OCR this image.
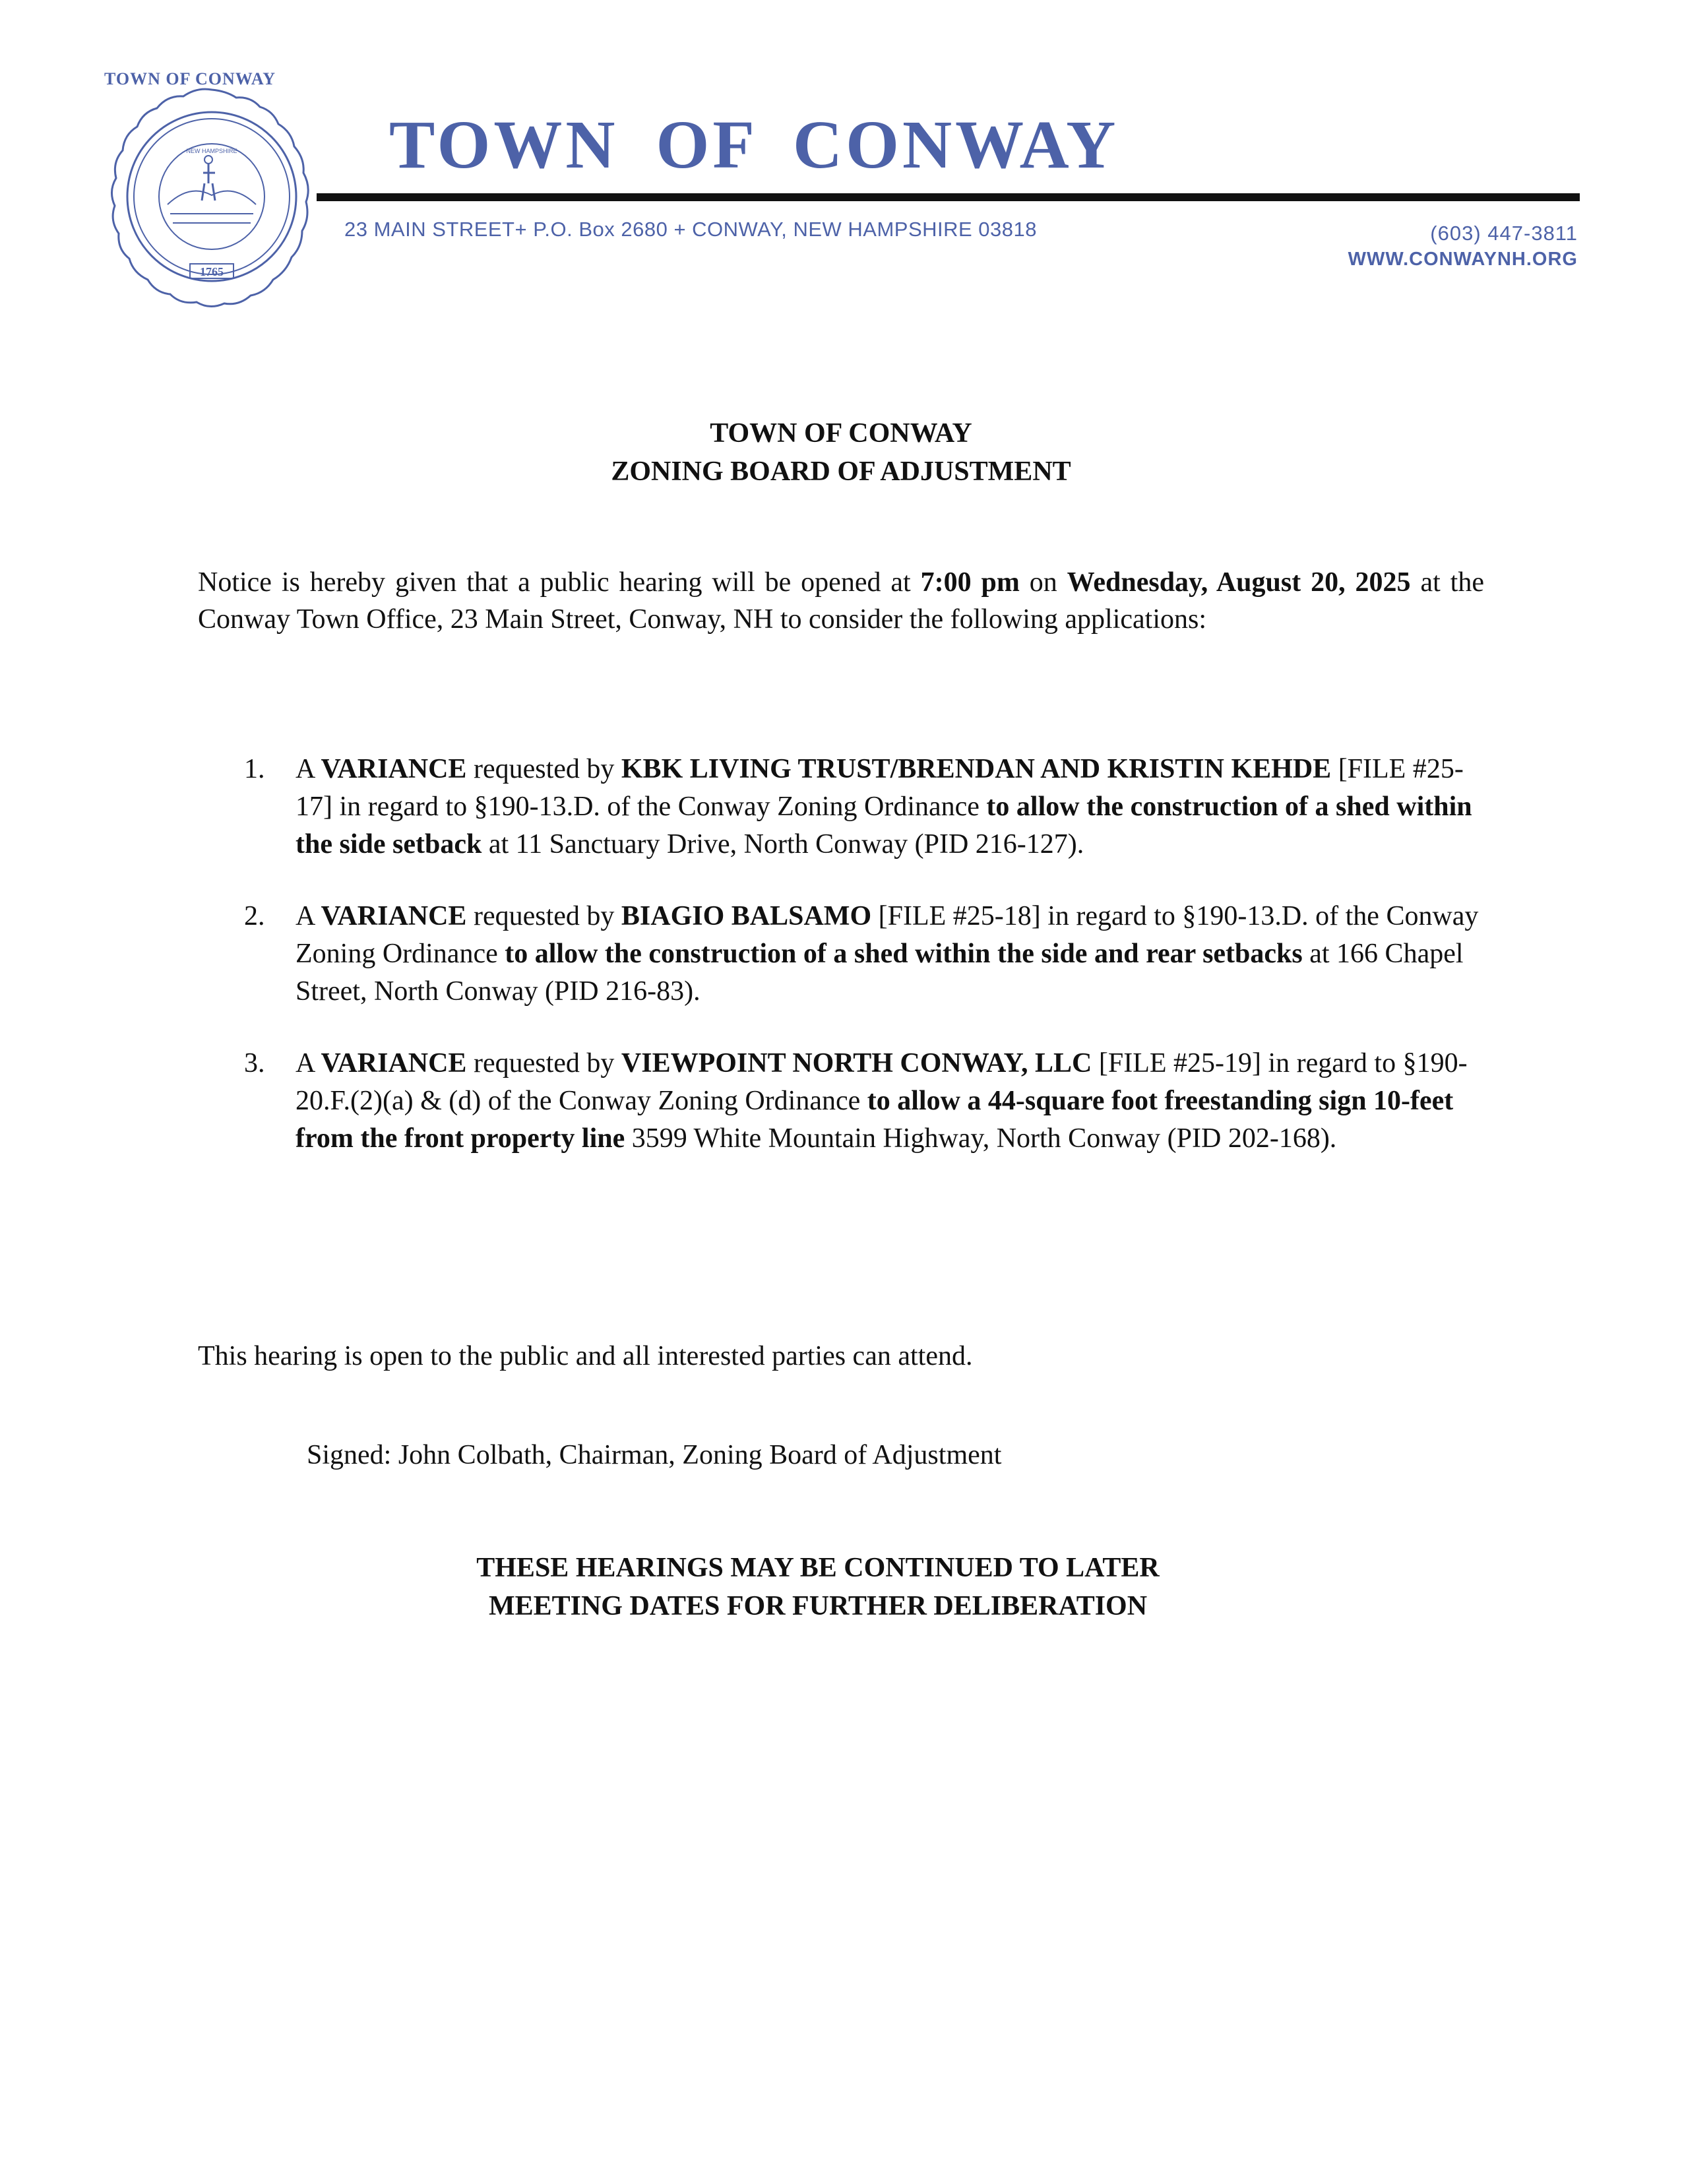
TOWN OF CONWAY
NEW HAMPSHIRE
1765
TOWN OF CONWAY
23 MAIN STREET+ P.O. Box 2680 + CONWAY, NEW HAMPSHIRE 03818	(603) 447-3811
WWW.CONWAYNH.ORG
TOWN OF CONWAY
ZONING BOARD OF ADJUSTMENT

Notice is hereby given that a public hearing will be opened at 7:00 pm on Wednesday, August 20, 2025 at the Conway Town Office, 23 Main Street, Conway, NH to consider the following applications:

1. A VARIANCE requested by KBK LIVING TRUST/BRENDAN AND KRISTIN KEHDE [FILE #25-17] in regard to §190-13.D. of the Conway Zoning Ordinance to allow the construction of a shed within the side setback at 11 Sanctuary Drive, North Conway (PID 216-127).
2. A VARIANCE requested by BIAGIO BALSAMO [FILE #25-18] in regard to §190-13.D. of the Conway Zoning Ordinance to allow the construction of a shed within the side and rear setbacks at 166 Chapel Street, North Conway (PID 216-83).
3. A VARIANCE requested by VIEWPOINT NORTH CONWAY, LLC [FILE #25-19] in regard to §190-20.F.(2)(a) & (d) of the Conway Zoning Ordinance to allow a 44-square foot freestanding sign 10-feet from the front property line 3599 White Mountain Highway, North Conway (PID 202-168).
This hearing is open to the public and all interested parties can attend.
Signed: John Colbath, Chairman, Zoning Board of Adjustment
THESE HEARINGS MAY BE CONTINUED TO LATER
MEETING DATES FOR FURTHER DELIBERATION
